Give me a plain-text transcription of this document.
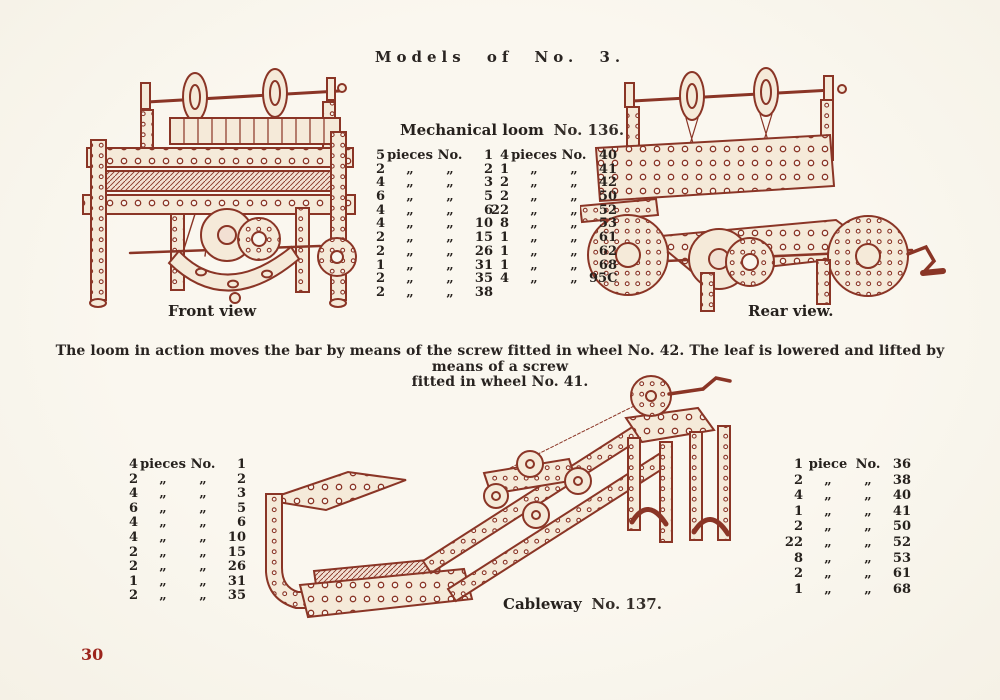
Models of No. 3.
Mechanical loom No. 136.
5 pieces No.	1
2	„	„	2
4	„	„	3
6	„	„	5
4	„	„	6
4	„	„	10
2	„	„	15
2	„	„	26
1	„	„	31
2	„	„	35
2	„	„	38
4 pieces No. 40
1	„	„	41
2	„	„	42
2	„	„	50
22	„	„	52
8	„	„	53
1	„	„	61
1	„	„	62
1	„	„	68
4	„	„ 95C
Front view	Rear view.
The loom in action moves the bar by means of the screw fitted in wheel No. 42. The leaf is lowered and lifted by means of a screw
fitted in wheel No. 41.
4 pieces No.	1
2	„	„	2
4	„	„	3
6	„	„	5
4	„	„	6
4	„	„	10
2	„	„	15
2	„	„	26
1	„	„	31
2	„	„	35
1 piece No. 36
2	„	„	38
4	„	„	40
1	„	„	41
2	„	„	50
22	„	„	52
8	„	„	53
2	„	„	61
1	„	„	68
Cableway No. 137.
30
